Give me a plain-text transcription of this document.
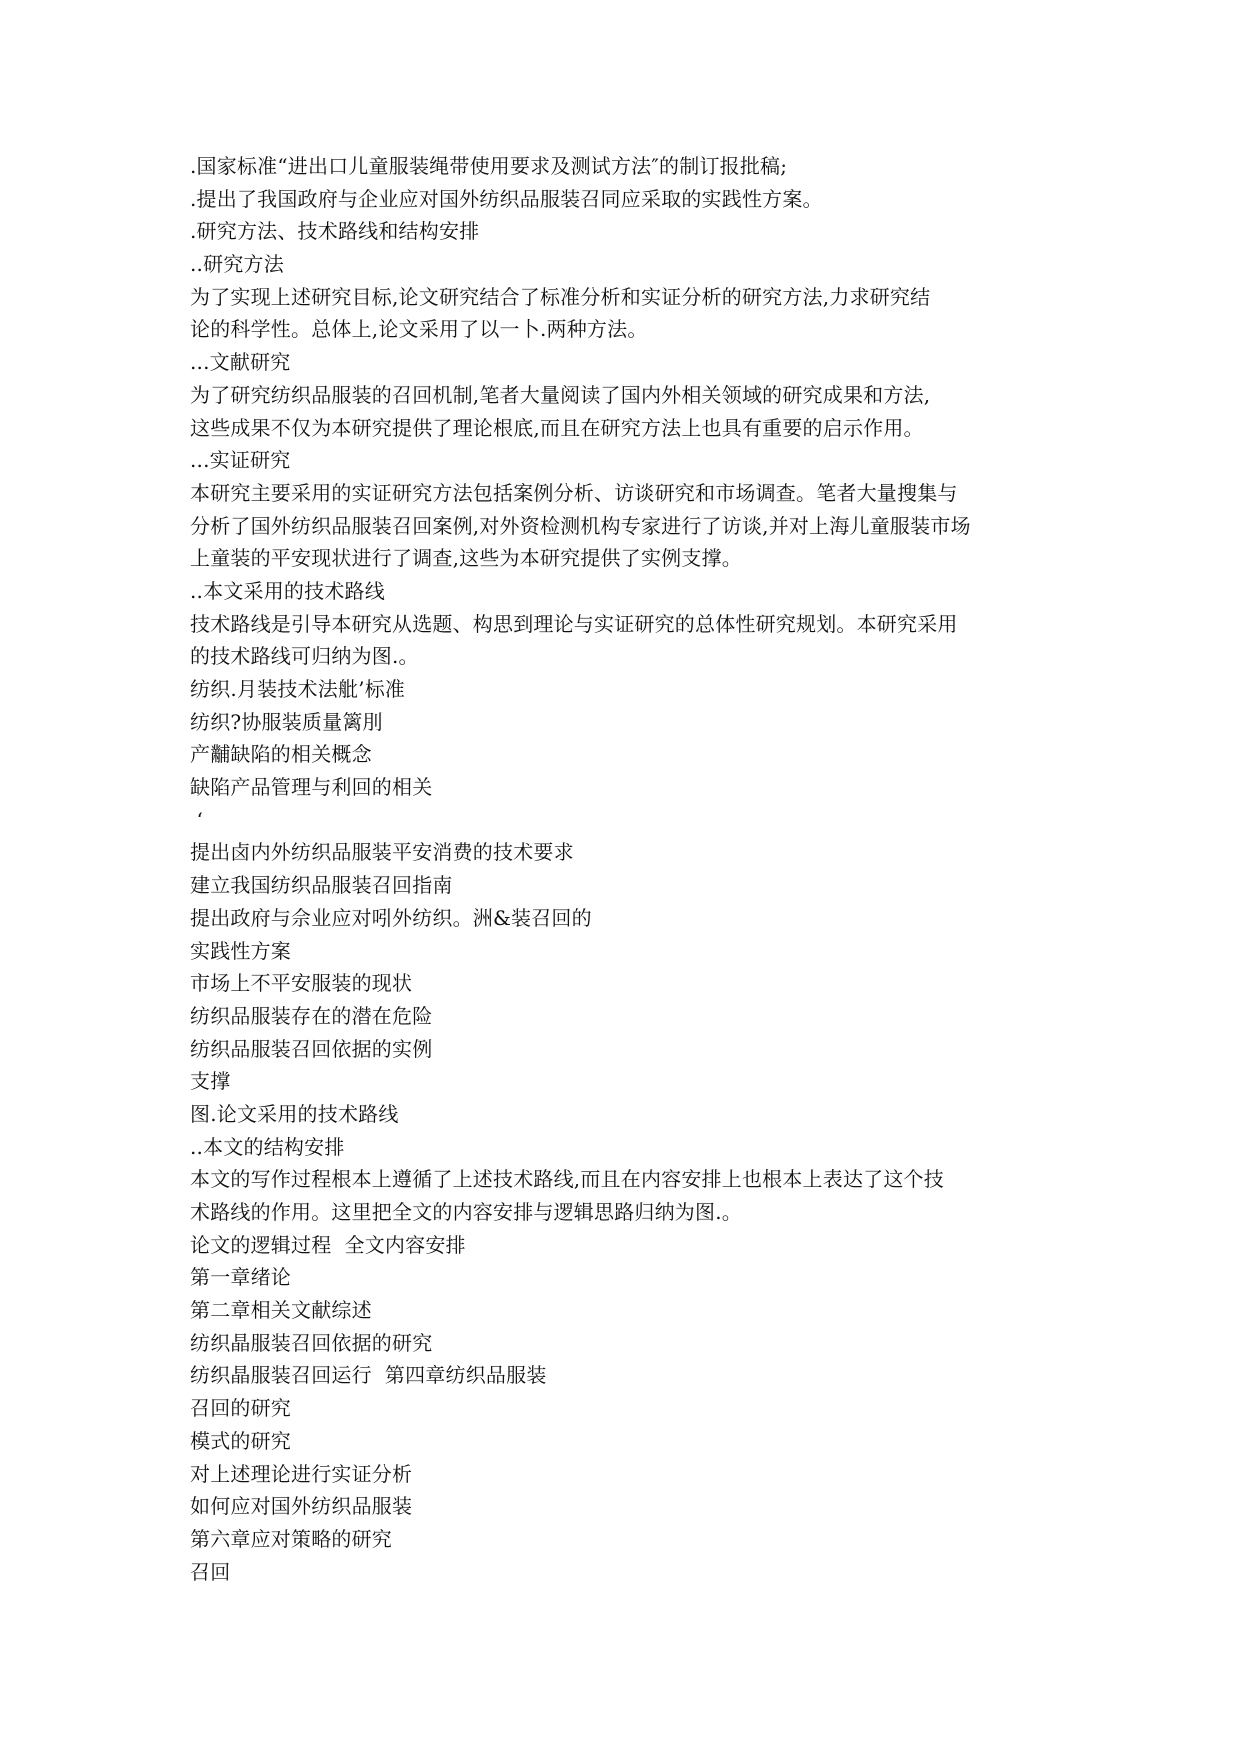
.国家标准“进出口儿童服装绳带使用要求及测试方法″的制订报批稿;
.提出了我国政府与企业应对国外纺织品服装召同应采取的实践性方案。
.研究方法、技术路线和结构安排
..研究方法
为了实现上述研究目标,论文研究结合了标准分析和实证分析的研究方法,力求研究结
论的科学性。总体上,论文采用了以一卜.两种方法。
...文献研究
为了研究纺织品服装的召回机制,笔者大量阅读了国内外相关领域的研究成果和方法,
这些成果不仅为本研究提供了理论根底,而且在研究方法上也具有重要的启示作用。
...实证研究
本研究主要采用的实证研究方法包括案例分析、访谈研究和市场调查。笔者大量搜集与
分析了国外纺织品服装召回案例,对外资检测机构专家进行了访谈,并对上海儿童服装市场
上童装的平安现状进行了调查,这些为本研究提供了实例支撑。
..本文采用的技术路线
技术路线是引导本研究从选题、构思到理论与实证研究的总体性研究规划。本研究采用
的技术路线可归纳为图.。
纺织.月装技术法舭’标准
纺织?协服装质量篱刖
产黼缺陷的相关概念
缺陷产品管理与利回的相关
‘
提出卤内外纺织品服装平安消费的技术要求
建立我国纺织品服装召回指南
提出政府与佘业应对吲外纺织。洲&装召回的
实践性方案
市场上不平安服装的现状
纺织品服装存在的潜在危险
纺织品服装召回依据的实例
支撑
图.论文采用的技术路线
..本文的结构安排
本文的写作过程根本上遵循了上述技术路线,而且在内容安排上也根本上表达了这个技
术路线的作用。这里把全文的内容安排与逻辑思路归纳为图.。
论文的逻辑过程  全文内容安排
第一章绪论
第二章相关文献综述
纺织晶服装召回依据的研究
纺织晶服装召回运行  第四章纺织品服装
召回的研究
模式的研究
对上述理论进行实证分析
如何应对国外纺织品服装
第六章应对策略的研究
召回
